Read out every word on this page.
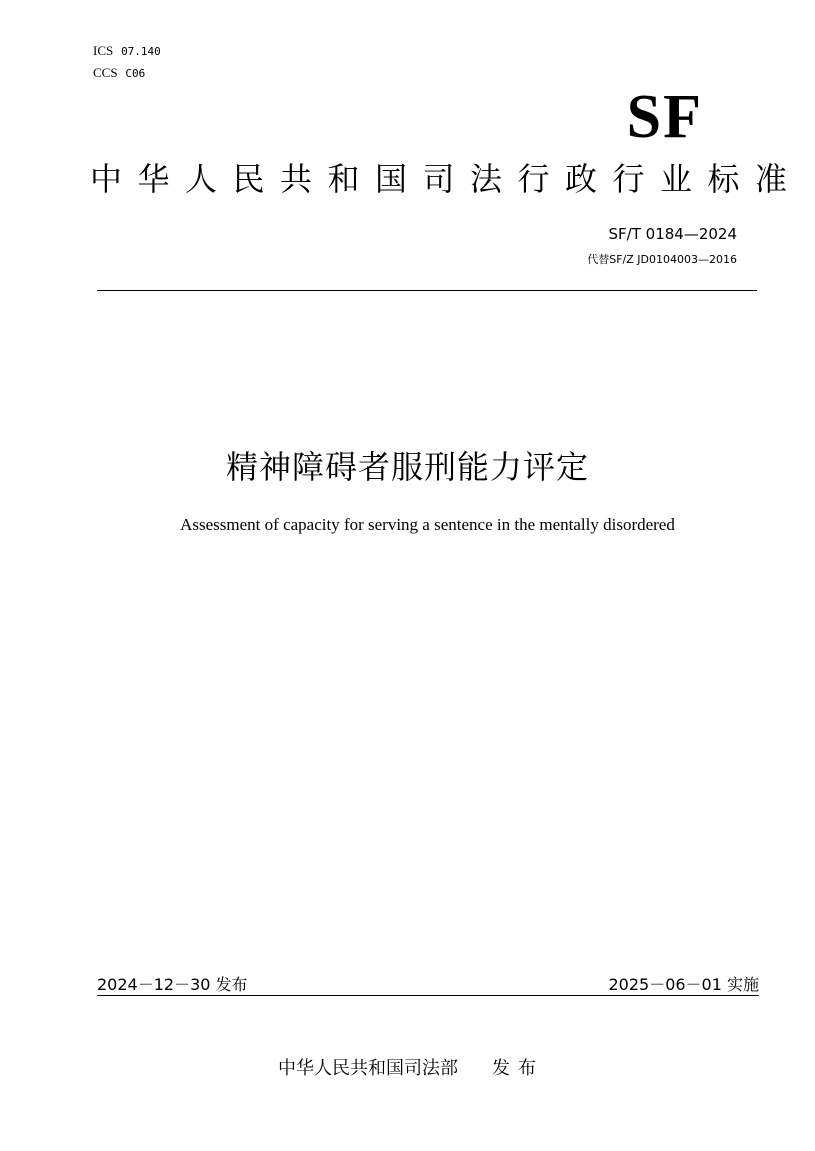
ICS 07.140
CCS C06
SF
中华人民共和国司法行政行业标准
SF/T 0184—2024
代替SF/Z JD0104003—2016
精神障碍者服刑能力评定
Assessment of capacity for serving a sentence in the mentally disordered
2024－12－30 发布	2025－06－01 实施
中华人民共和国司法部 发布
